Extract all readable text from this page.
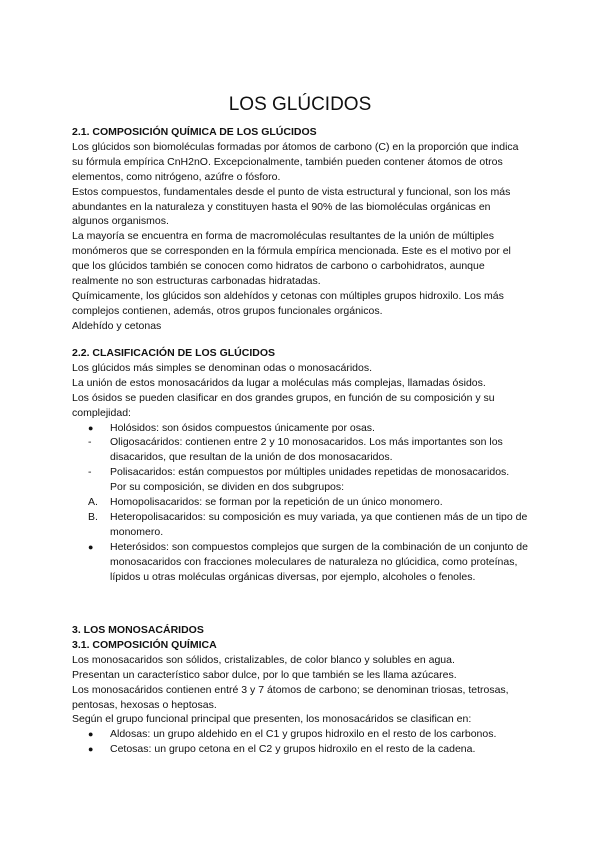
LOS GLÚCIDOS

2.1. COMPOSICIÓN QUÍMICA DE LOS GLÚCIDOS

Los glúcidos son biomoléculas formadas por átomos de carbono (C) en la proporción que indica su fórmula empírica CnH2nO. Excepcionalmente, también pueden contener átomos de otros elementos, como nitrógeno, azúfre o fósforo.

Estos compuestos, fundamentales desde el punto de vista estructural y funcional, son los más abundantes en la naturaleza y constituyen hasta el 90% de las biomoléculas orgánicas en algunos organismos.

La mayoría se encuentra en forma de macromoléculas resultantes de la unión de múltiples monómeros que se corresponden en la fórmula empírica mencionada. Este es el motivo por el que los glúcidos también se conocen como hidratos de carbono o carbohidratos, aunque realmente no son estructuras carbonadas hidratadas.

Químicamente, los glúcidos son aldehídos y cetonas con múltiples grupos hidroxilo. Los más complejos contienen, además, otros grupos funcionales orgánicos.

Aldehído y cetonas

2.2. CLASIFICACIÓN DE LOS GLÚCIDOS

Los glúcidos más simples se denominan odas o monosacáridos.

La unión de estos monosacáridos da lugar a moléculas más complejas, llamadas ósidos.

Los ósidos se pueden clasificar en dos grandes grupos, en función de su composición y su complejidad:

●	Holósidos: son ósidos compuestos únicamente por osas.
-	Oligosacáridos: contienen entre 2 y 10 monosacaridos. Los más importantes son los disacaridos, que resultan de la unión de dos monosacaridos.
-	Polisacaridos: están compuestos por múltiples unidades repetidas de monosacaridos. Por su composición, se dividen en dos subgrupos:
A.	Homopolisacaridos: se forman por la repetición de un único monomero.
B.	Heteropolisacaridos: su composición es muy variada, ya que contienen más de un tipo de monomero.
●	Heterósidos: son compuestos complejos que surgen de la combinación de un conjunto de monosacaridos con fracciones moleculares de naturaleza no glúcidica, como proteínas, lípidos u otras moléculas orgánicas diversas, por ejemplo, alcoholes o fenoles.

3. LOS MONOSACÁRIDOS

3.1. COMPOSICIÓN QUÍMICA

Los monosacaridos son sólidos, cristalizables, de color blanco y solubles en agua.

Presentan un característico sabor dulce, por lo que también se les llama azúcares.

Los monosacáridos contienen entré 3 y 7 átomos de carbono; se denominan triosas, tetrosas, pentosas, hexosas o heptosas.

Según el grupo funcional principal que presenten, los monosacáridos se clasifican en:

●	Aldosas: un grupo aldehido en el C1 y grupos hidroxilo en el resto de los carbonos.
●	Cetosas: un grupo cetona en el C2 y grupos hidroxilo en el resto de la cadena.
